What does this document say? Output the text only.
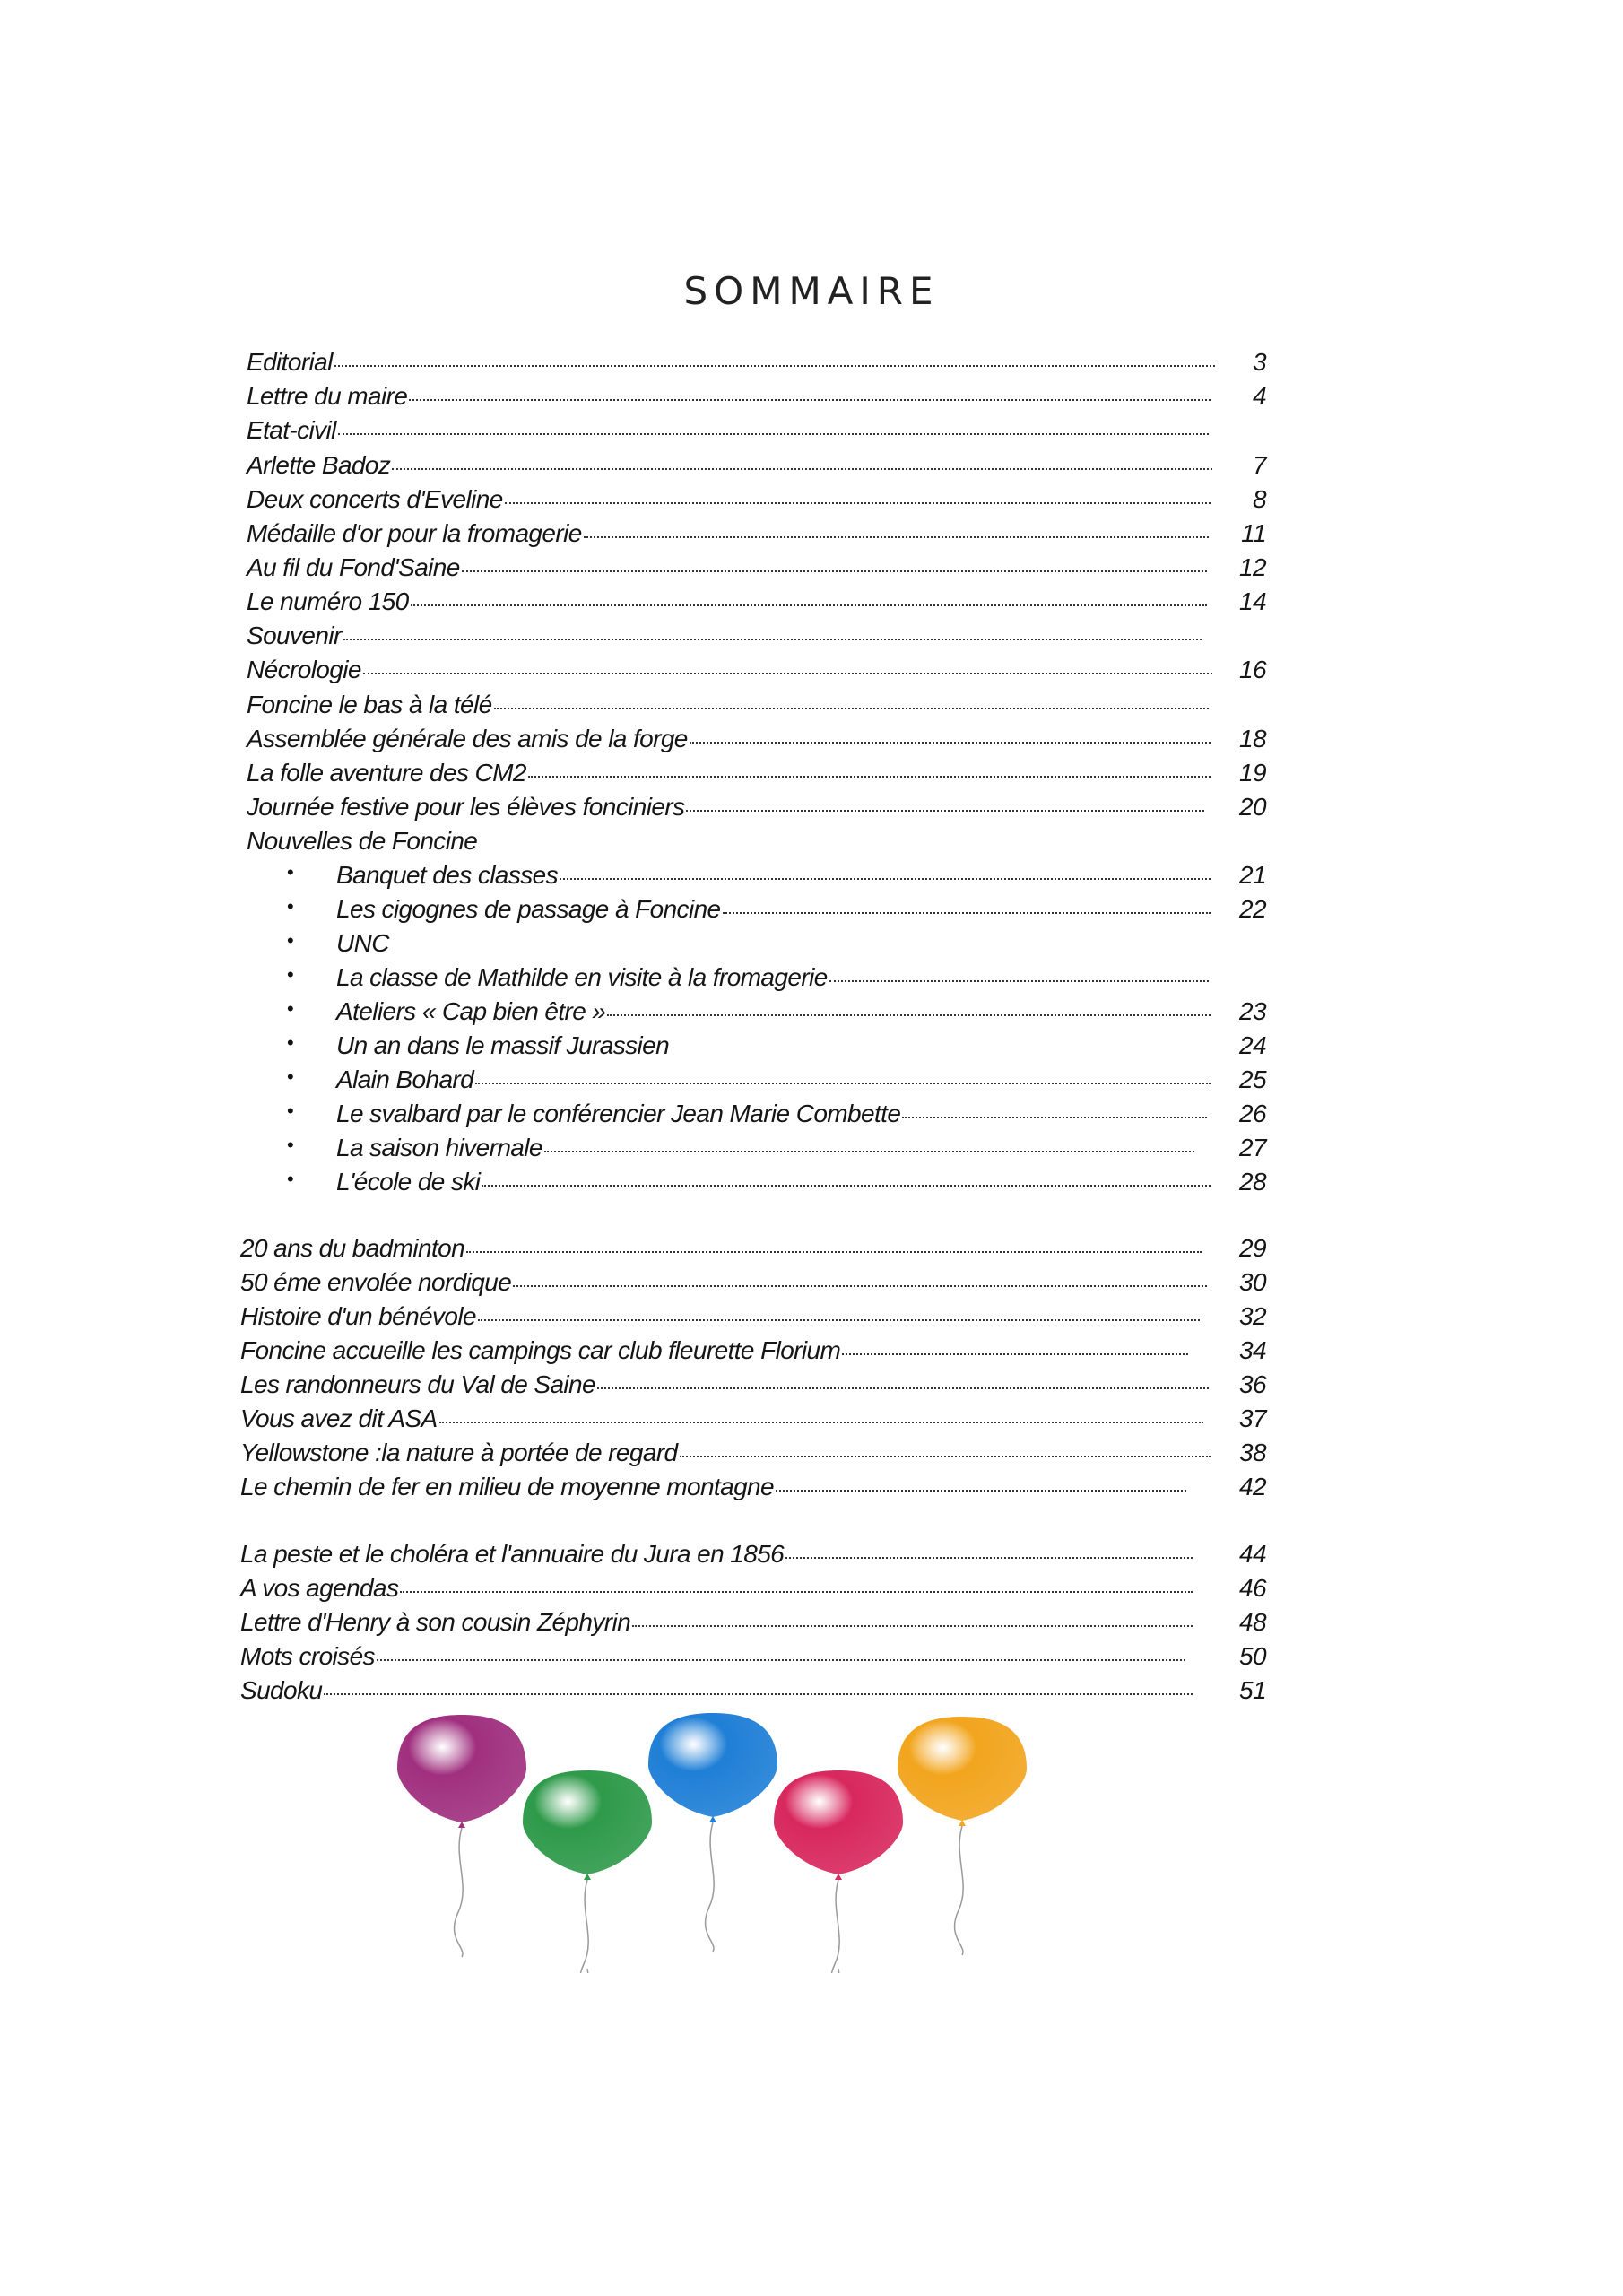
SOMMAIRE
Editorial	3
Lettre du maire	4
Etat-civil
Arlette Badoz	7
Deux concerts d'Eveline	8
Médaille d'or pour la fromagerie	11
Au fil du Fond'Saine	12
Le numéro 150	14
Souvenir
Nécrologie	16
Foncine le bas à la télé
Assemblée générale des amis de la forge	18
La folle aventure des CM2	19
Journée festive pour les élèves fonciniers	20
Nouvelles de Foncine
• Banquet des classes	21
• Les cigognes de passage à Foncine	22
• UNC
• La classe de Mathilde en visite à la fromagerie
• Ateliers « Cap bien être »	23
• Un an dans le massif Jurassien	24
• Alain Bohard	25
• Le svalbard par le conférencier Jean Marie Combette	26
• La saison hivernale	27
• L'école de ski	28
20 ans du badminton	29
50 éme envolée nordique	30
Histoire d'un bénévole	32
Foncine accueille les campings car club fleurette Florium	34
Les randonneurs du Val de Saine	36
Vous avez dit ASA	37
Yellowstone :la nature à portée de regard	38
Le chemin de fer en milieu de moyenne montagne	42
La peste et le choléra et l'annuaire du Jura en 1856	44
A vos agendas	46
Lettre d'Henry à son cousin Zéphyrin	48
Mots croisés	50
Sudoku	51
